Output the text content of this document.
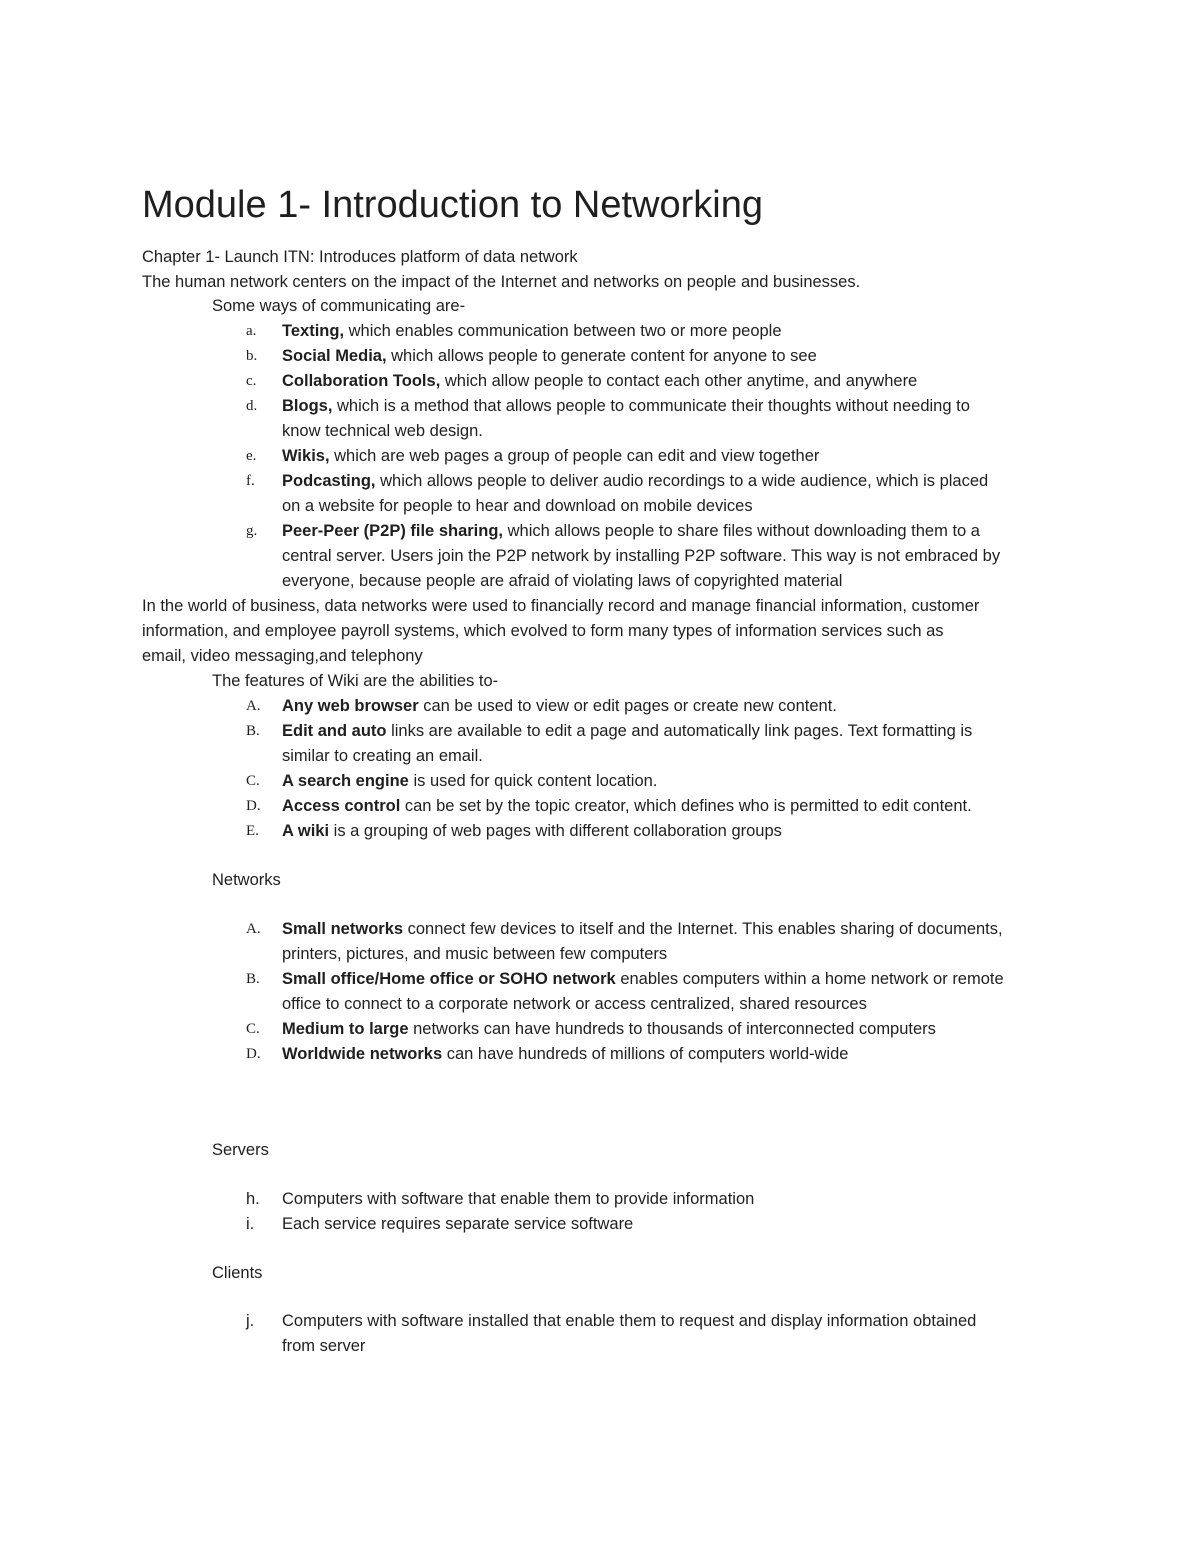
Module 1- Introduction to Networking

Chapter 1- Launch ITN: Introduces platform of data network

The human network centers on the impact of the Internet and networks on people and businesses.

Some ways of communicating are-

The features of Wiki are the abilities to-

Networks

Servers

Clients

a. Texting, which enables communication between two or more people

b. Social Media, which allows people to generate content for anyone to see

c. Collaboration Tools, which allow people to contact each other anytime, and anywhere

d. Blogs, which is a method that allows people to communicate their thoughts without needing to

know technical web design.

e. Wikis, which are web pages a group of people can edit and view together

f. Podcasting, which allows people to deliver audio recordings to a wide audience, which is placed

on a website for people to hear and download on mobile devices

g. Peer-Peer (P2P) file sharing, which allows people to share files without downloading them to a

central server. Users join the P2P network by installing P2P software. This way is not embraced by

everyone, because people are afraid of violating laws of copyrighted material

A. Any web browser can be used to view or edit pages or create new content.

B. Edit and auto links are available to edit a page and automatically link pages. Text formatting is

similar to creating an email.

C. A search engine is used for quick content location.

D. Access control can be set by the topic creator, which defines who is permitted to edit content.

E. A wiki is a grouping of web pages with different collaboration groups

A. Small networks connect few devices to itself and the Internet. This enables sharing of documents,

printers, pictures, and music between few computers

B. Small office/Home office or SOHO network enables computers within a home network or remote

office to connect to a corporate network or access centralized, shared resources

C. Medium to large networks can have hundreds to thousands of interconnected computers

D. Worldwide networks can have hundreds of millions of computers world-wide

h. Computers with software that enable them to provide information

i. Each service requires separate service software

j. Computers with software installed that enable them to request and display information obtained

from server

In the world of business, data networks were used to financially record and manage financial information, customer

information, and employee payroll systems, which evolved to form many types of information services such as

email, video messaging,and telephony
